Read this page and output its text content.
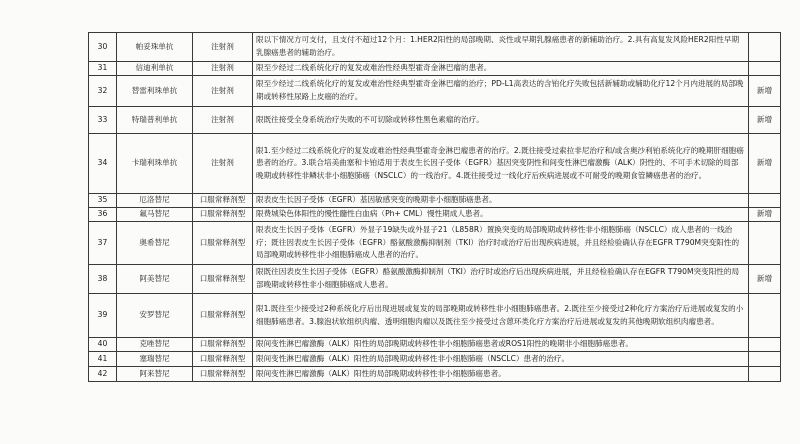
30	帕妥珠单抗	注射剂	限以下情况方可支付，且支付不超过12个月：1.HER2阳性的局部晚期、炎性或早期乳腺癌患者的新辅助治疗。2.具有高复发风险HER2阳性早期乳腺癌患者的辅助治疗。	
31	信迪利单抗	注射剂	限至少经过二线系统化疗的复发或难治性经典型霍奇金淋巴瘤的患者。	
32	替雷利珠单抗	注射剂	限至少经过二线系统化疗的复发或难治性经典型霍奇金淋巴瘤的治疗；PD-L1高表达的含铂化疗失败包括新辅助或辅助化疗12个月内进展的局部晚期或转移性尿路上皮癌的治疗。	新增
33	特瑞普利单抗	注射剂	限既往接受全身系统治疗失败的不可切除或转移性黑色素瘤的治疗。	新增
34	卡瑞利珠单抗	注射剂	限1.至少经过二线系统化疗的复发或难治性经典型霍奇金淋巴瘤患者的治疗。2.既往接受过索拉非尼治疗和/或含奥沙利铂系统化疗的晚期肝细胞癌患者的治疗。3.联合培美曲塞和卡铂适用于表皮生长因子受体（EGFR）基因突变阴性和间变性淋巴瘤激酶（ALK）阴性的、不可手术切除的局部晚期或转移性非鳞状非小细胞肺癌（NSCLC）的一线治疗。4.既往接受过一线化疗后疾病进展或不可耐受的晚期食管鳞癌患者的治疗。	新增
35	厄洛替尼	口服常释剂型	限表皮生长因子受体（EGFR）基因敏感突变的晚期非小细胞肺癌患者。	
36	氟马替尼	口服常释剂型	限费城染色体阳性的慢性髓性白血病（Ph+ CML）慢性期成人患者。	新增
37	奥希替尼	口服常释剂型	限表皮生长因子受体（EGFR）外显子19缺失或外显子21（L858R）置换突变的局部晚期或转移性非小细胞肺癌（NSCLC）成人患者的一线治疗；既往因表皮生长因子受体（EGFR）酪氨酸激酶抑制剂（TKI）治疗时或治疗后出现疾病进展，并且经检验确认存在EGFR T790M突变阳性的局部晚期或转移性非小细胞肺癌成人患者的治疗。	
38	阿美替尼	口服常释剂型	限既往因表皮生长因子受体（EGFR）酪氨酸激酶抑制剂（TKI）治疗时或治疗后出现疾病进展，并且经检验确认存在EGFR T790M突变阳性的局部晚期或转移性非小细胞肺癌成人患者。	新增
39	安罗替尼	口服常释剂型	限1.既往至少接受过2种系统化疗后出现进展或复发的局部晚期或转移性非小细胞肺癌患者。2.既往至少接受过2种化疗方案治疗后进展或复发的小细胞肺癌患者。3.腺泡状软组织肉瘤、透明细胞肉瘤以及既往至少接受过含蒽环类化疗方案治疗后进展或复发的其他晚期软组织肉瘤患者。	
40	克唑替尼	口服常释剂型	限间变性淋巴瘤激酶（ALK）阳性的局部晚期或转移性非小细胞肺癌患者或ROS1阳性的晚期非小细胞肺癌患者。	
41	塞瑞替尼	口服常释剂型	限间变性淋巴瘤激酶（ALK）阳性的局部晚期或转移性非小细胞肺癌（NSCLC）患者的治疗。	
42	阿来替尼	口服常释剂型	限间变性淋巴瘤激酶（ALK）阳性的局部晚期或转移性非小细胞肺癌患者。	
